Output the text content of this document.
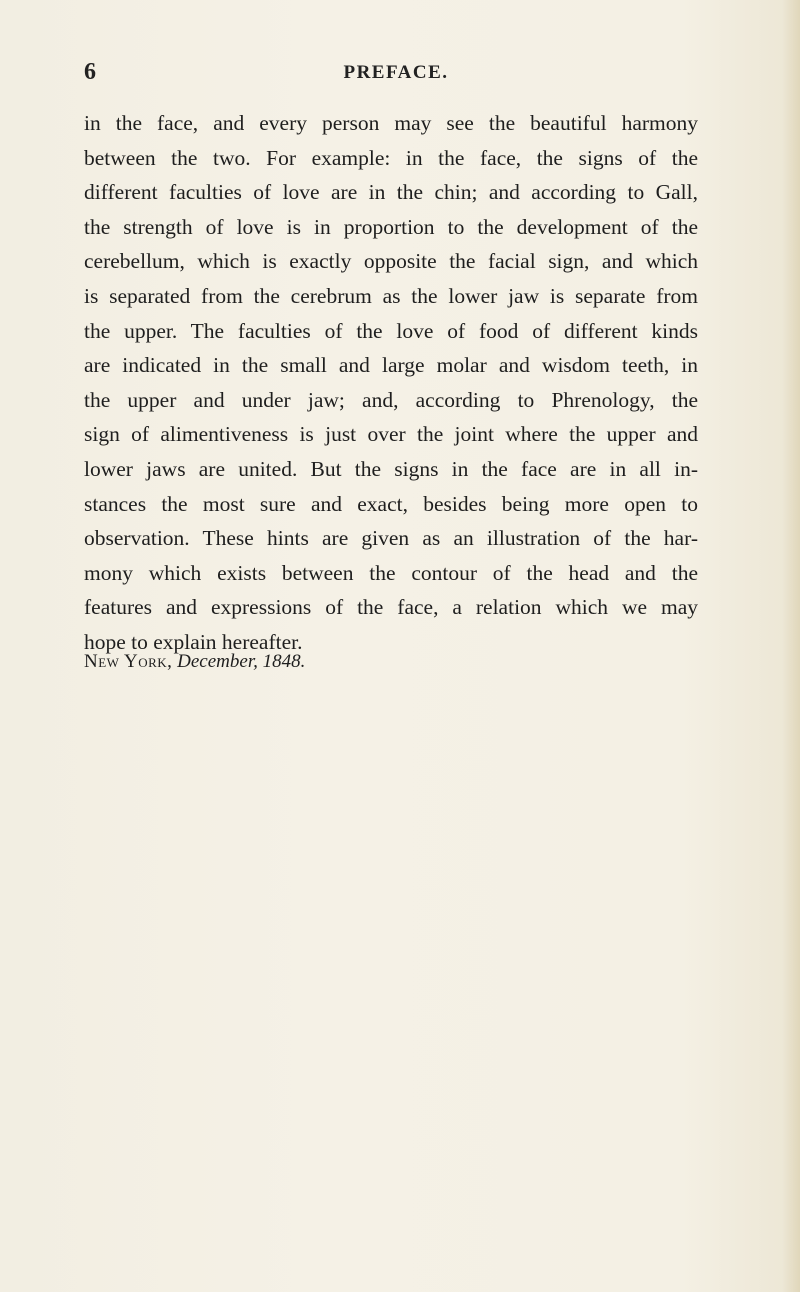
6	PREFACE.
in the face, and every person may see the beautiful harmony
between the two. For example: in the face, the signs of the
different faculties of love are in the chin; and according to Gall,
the strength of love is in proportion to the development of the
cerebellum, which is exactly opposite the facial sign, and which
is separated from the cerebrum as the lower jaw is separate from
the upper. The faculties of the love of food of different kinds
are indicated in the small and large molar and wisdom teeth, in
the upper and under jaw; and, according to Phrenology, the
sign of alimentiveness is just over the joint where the upper and
lower jaws are united. But the signs in the face are in all in-
stances the most sure and exact, besides being more open to
observation. These hints are given as an illustration of the har-
mony which exists between the contour of the head and the
features and expressions of the face, a relation which we may
hope to explain hereafter.
New York, December, 1848.
